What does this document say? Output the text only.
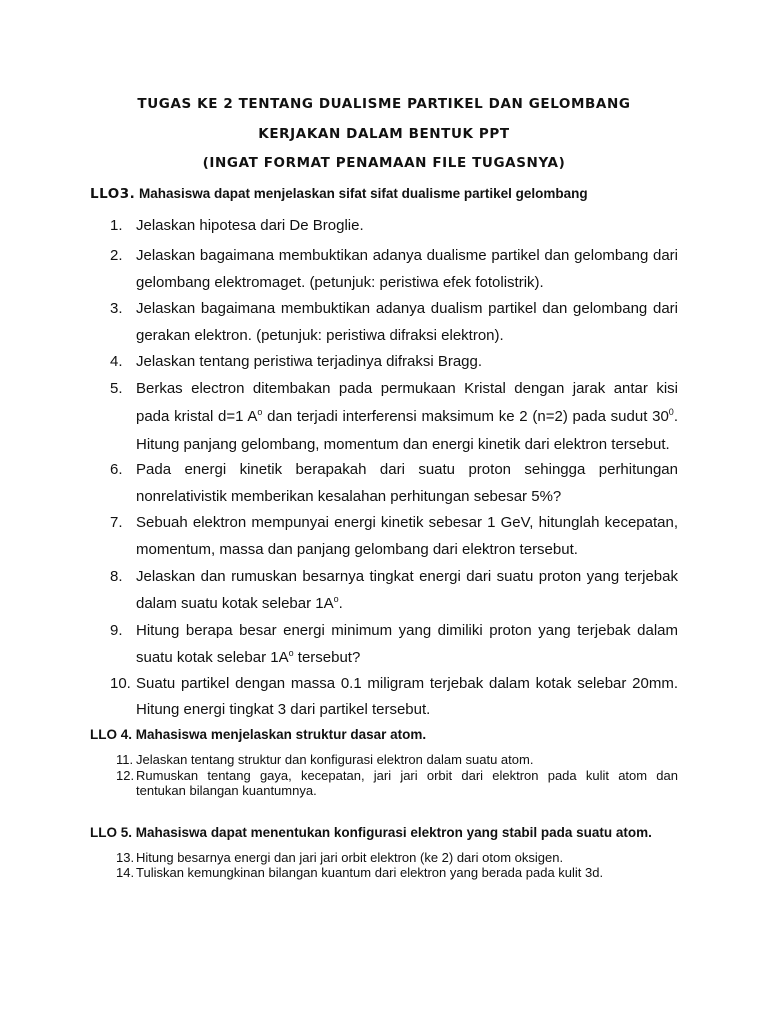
TUGAS KE 2 TENTANG DUALISME PARTIKEL DAN GELOMBANG
KERJAKAN DALAM BENTUK PPT
(INGAT FORMAT PENAMAAN FILE TUGASNYA)
LLO3. Mahasiswa dapat menjelaskan sifat sifat dualisme partikel gelombang
1. Jelaskan hipotesa dari De Broglie.
2. Jelaskan bagaimana membuktikan adanya dualisme partikel dan gelombang dari
gelombang elektromaget. (petunjuk: peristiwa efek fotolistrik).
3. Jelaskan bagaimana membuktikan adanya dualism partikel dan gelombang dari
gerakan elektron. (petunjuk: peristiwa difraksi elektron).
4. Jelaskan tentang peristiwa terjadinya difraksi Bragg.
5. Berkas electron ditembakan pada permukaan Kristal dengan jarak antar kisi
pada kristal d=1 $A^o$ dan terjadi interferensi maksimum ke 2 (n=2) pada sudut $30^0$.
Hitung panjang gelombang, momentum dan energi kinetik dari elektron tersebut.
6. Pada energi kinetik berapakah dari suatu proton sehingga perhitungan
nonrelativistik memberikan kesalahan perhitungan sebesar 5%?
7. Sebuah elektron mempunyai energi kinetik sebesar 1 GeV, hitunglah kecepatan,
momentum, massa dan panjang gelombang dari elektron tersebut.
8. Jelaskan dan rumuskan besarnya tingkat energi dari suatu proton yang terjebak
dalam suatu kotak selebar $1A^o$.
9. Hitung berapa besar energi minimum yang dimiliki proton yang terjebak dalam
suatu kotak selebar $1A^o$ tersebut?
10. Suatu partikel dengan massa 0.1 miligram terjebak dalam kotak selebar 20mm.
Hitung energi tingkat 3 dari partikel tersebut.
11. Jelaskan tentang struktur dan konfigurasi elektron dalam suatu atom.
12. Rumuskan tentang gaya, kecepatan, jari jari orbit dari elektron pada kulit atom dan
tentukan bilangan kuantumnya.
13. Hitung besarnya energi dan jari jari orbit elektron (ke 2) dari otom oksigen.
14. Tuliskan kemungkinan bilangan kuantum dari elektron yang berada pada kulit 3d.
LLO 4. Mahasiswa menjelaskan struktur dasar atom.
LLO 5. Mahasiswa dapat menentukan konfigurasi elektron yang stabil pada suatu atom.
